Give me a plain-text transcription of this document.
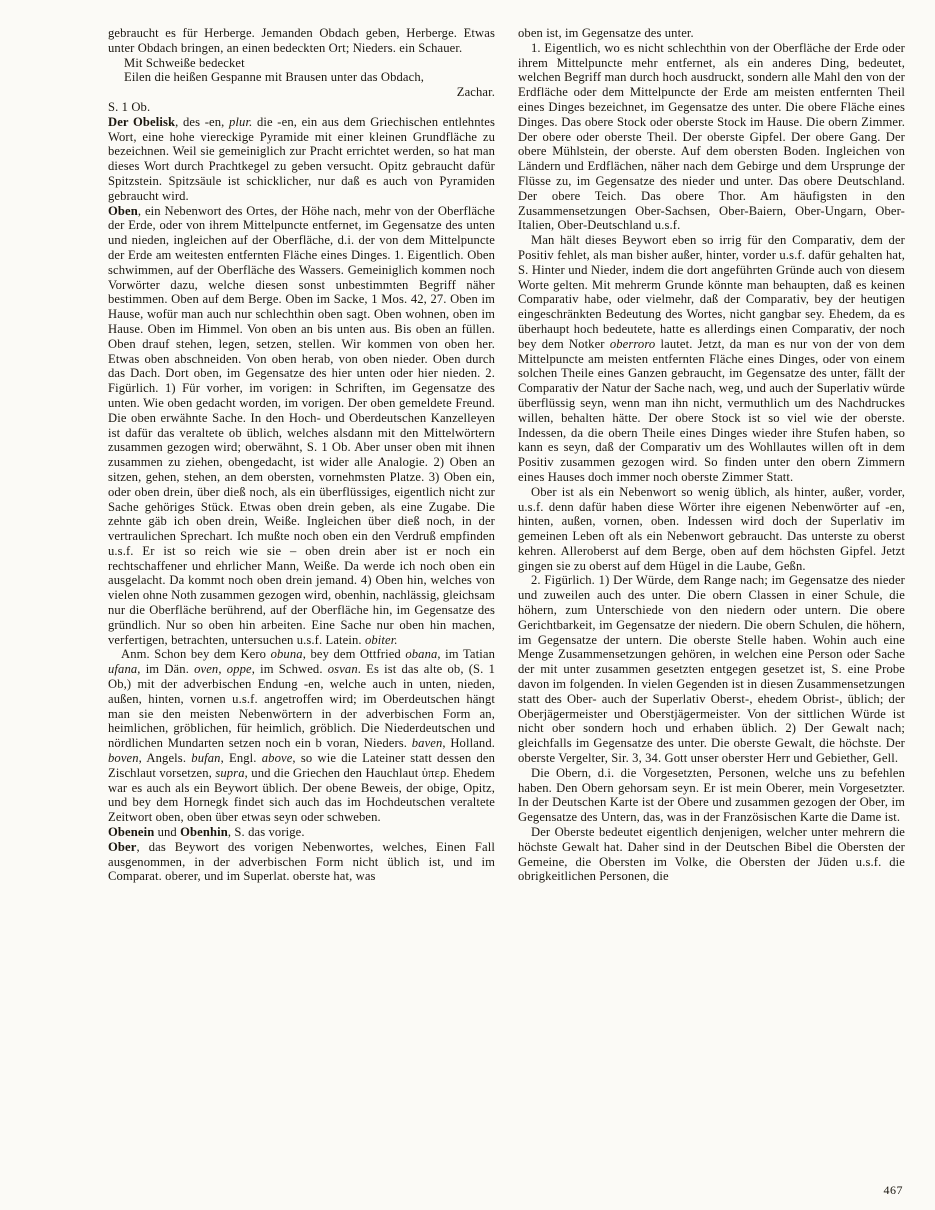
gebraucht es für Herberge. Jemanden Obdach geben, Herberge. Etwas unter Obdach bringen, an einen bedeckten Ort; Nieders. ein Schauer.

Mit Schweiße bedecket

Eilen die heißen Gespanne mit Brausen unter das Obdach,

Zachar.

S. 1 Ob.

Der Obelisk, des -en, plur. die -en, ein aus dem Griechischen entlehntes Wort, eine hohe viereckige Pyramide mit einer kleinen Grundfläche zu bezeichnen. Weil sie gemeiniglich zur Pracht errichtet werden, so hat man dieses Wort durch Prachtkegel zu geben versucht. Opitz gebraucht dafür Spitzstein. Spitzsäule ist schicklicher, nur daß es auch von Pyramiden gebraucht wird.

Oben, ein Nebenwort des Ortes, der Höhe nach, mehr von der Oberfläche der Erde, oder von ihrem Mittelpuncte entfernet, im Gegensatze des unten und nieden, ingleichen auf der Oberfläche, d.i. der von dem Mittelpuncte der Erde am weitesten entfernten Fläche eines Dinges. 1. Eigentlich. Oben schwimmen, auf der Oberfläche des Wassers. Gemeiniglich kommen noch Vorwörter dazu, welche diesen sonst unbestimmten Begriff näher bestimmen. Oben auf dem Berge. Oben im Sacke, 1 Mos. 42, 27. Oben im Hause, wofür man auch nur schlechthin oben sagt. Oben wohnen, oben im Hause. Oben im Himmel. Von oben an bis unten aus. Bis oben an füllen. Oben drauf stehen, legen, setzen, stellen. Wir kommen von oben her. Etwas oben abschneiden. Von oben herab, von oben nieder. Oben durch das Dach. Dort oben, im Gegensatze des hier unten oder hier nieden. 2. Figürlich. 1) Für vorher, im vorigen: in Schriften, im Gegensatze des unten. Wie oben gedacht worden, im vorigen. Der oben gemeldete Freund. Die oben erwähnte Sache. In den Hoch- und Oberdeutschen Kanzelleyen ist dafür das veraltete ob üblich, welches alsdann mit den Mittelwörtern zusammen gezogen wird; oberwähnt, S. 1 Ob. Aber unser oben mit ihnen zusammen zu ziehen, obengedacht, ist wider alle Analogie. 2) Oben an sitzen, gehen, stehen, an dem obersten, vornehmsten Platze. 3) Oben ein, oder oben drein, über dieß noch, als ein überflüssiges, eigentlich nicht zur Sache gehöriges Stück. Etwas oben drein geben, als eine Zugabe. Die zehnte gäb ich oben drein, Weiße. Ingleichen über dieß noch, in der vertraulichen Sprechart. Ich mußte noch oben ein den Verdruß empfinden u.s.f. Er ist so reich wie sie – oben drein aber ist er noch ein rechtschaffener und ehrlicher Mann, Weiße. Da werde ich noch oben ein ausgelacht. Da kommt noch oben drein jemand. 4) Oben hin, welches von vielen ohne Noth zusammen gezogen wird, obenhin, nachlässig, gleichsam nur die Oberfläche berührend, auf der Oberfläche hin, im Gegensatze des gründlich. Nur so oben hin arbeiten. Eine Sache nur oben hin machen, verfertigen, betrachten, untersuchen u.s.f. Latein. obiter.

Anm. Schon bey dem Kero obuna, bey dem Ottfried obana, im Tatian ufana, im Dän. oven, oppe, im Schwed. osvan. Es ist das alte ob, (S. 1 Ob,) mit der adverbischen Endung -en, welche auch in unten, nieden, außen, hinten, vornen u.s.f. angetroffen wird; im Oberdeutschen hängt man sie den meisten Nebenwörtern in der adverbischen Form an, heimlichen, gröblichen, für heimlich, gröblich. Die Niederdeutschen und nördlichen Mundarten setzen noch ein b voran, Nieders. baven, Holland. boven, Angels. bufan, Engl. above, so wie die Lateiner statt dessen den Zischlaut vorsetzen, supra, und die Griechen den Hauchlaut ὑπερ. Ehedem war es auch als ein Beywort üblich. Der obene Beweis, der obige, Opitz, und bey dem Hornegk findet sich auch das im Hochdeutschen veraltete Zeitwort oben, oben über etwas seyn oder schweben.

Obenein und Obenhin, S. das vorige.

Ober, das Beywort des vorigen Nebenwortes, welches, Einen Fall ausgenommen, in der adverbischen Form nicht üblich ist, und im Comparat. oberer, und im Superlat. oberste hat, was

oben ist, im Gegensatze des unter.

1. Eigentlich, wo es nicht schlechthin von der Oberfläche der Erde oder ihrem Mittelpuncte mehr entfernet, als ein anderes Ding, bedeutet, welchen Begriff man durch hoch ausdruckt, sondern alle Mahl den von der Erdfläche oder dem Mittelpuncte der Erde am meisten entfernten Theil eines Dinges bezeichnet, im Gegensatze des unter. Die obere Fläche eines Dinges. Das obere Stock oder oberste Stock im Hause. Die obern Zimmer. Der obere oder oberste Theil. Der oberste Gipfel. Der obere Gang. Der obere Mühlstein, der oberste. Auf dem obersten Boden. Ingleichen von Ländern und Erdflächen, näher nach dem Gebirge und dem Ursprunge der Flüsse zu, im Gegensatze des nieder und unter. Das obere Deutschland. Der obere Teich. Das obere Thor. Am häufigsten in den Zusammensetzungen Ober-Sachsen, Ober-Baiern, Ober-Ungarn, Ober-Italien, Ober-Deutschland u.s.f.

Man hält dieses Beywort eben so irrig für den Comparativ, dem der Positiv fehlet, als man bisher außer, hinter, vorder u.s.f. dafür gehalten hat, S. Hinter und Nieder, indem die dort angeführten Gründe auch von diesem Worte gelten. Mit mehrerm Grunde könnte man behaupten, daß es keinen Comparativ habe, oder vielmehr, daß der Comparativ, bey der heutigen eingeschränkten Bedeutung des Wortes, nicht gangbar sey. Ehedem, da es überhaupt hoch bedeutete, hatte es allerdings einen Comparativ, der noch bey dem Notker oberroro lautet. Jetzt, da man es nur von der von dem Mittelpuncte am meisten entfernten Fläche eines Dinges, oder von einem solchen Theile eines Ganzen gebraucht, im Gegensatze des unter, fällt der Comparativ der Natur der Sache nach, weg, und auch der Superlativ würde überflüssig seyn, wenn man ihn nicht, vermuthlich um des Nachdruckes willen, behalten hätte. Der obere Stock ist so viel wie der oberste. Indessen, da die obern Theile eines Dinges wieder ihre Stufen haben, so kann es seyn, daß der Comparativ um des Wohllautes willen oft in dem Positiv zusammen gezogen wird. So finden unter den obern Zimmern eines Hauses doch immer noch oberste Zimmer Statt.

Ober ist als ein Nebenwort so wenig üblich, als hinter, außer, vorder, u.s.f. denn dafür haben diese Wörter ihre eigenen Nebenwörter auf -en, hinten, außen, vornen, oben. Indessen wird doch der Superlativ im gemeinen Leben oft als ein Nebenwort gebraucht. Das unterste zu oberst kehren. Alleroberst auf dem Berge, oben auf dem höchsten Gipfel. Jetzt gingen sie zu oberst auf dem Hügel in die Laube, Geßn.

2. Figürlich. 1) Der Würde, dem Range nach; im Gegensatze des nieder und zuweilen auch des unter. Die obern Classen in einer Schule, die höhern, zum Unterschiede von den niedern oder untern. Die obere Gerichtbarkeit, im Gegensatze der niedern. Die obern Schulen, die höhern, im Gegensatze der untern. Die oberste Stelle haben. Wohin auch eine Menge Zusammensetzungen gehören, in welchen eine Person oder Sache der mit unter zusammen gesetzten entgegen gesetzet ist, S. eine Probe davon im folgenden. In vielen Gegenden ist in diesen Zusammensetzungen statt des Ober- auch der Superlativ Oberst-, ehedem Obrist-, üblich; der Oberjägermeister und Oberstjägermeister. Von der sittlichen Würde ist nicht ober sondern hoch und erhaben üblich. 2) Der Gewalt nach; gleichfalls im Gegensatze des unter. Die oberste Gewalt, die höchste. Der oberste Vergelter, Sir. 3, 34. Gott unser oberster Herr und Gebiether, Gell.

Die Obern, d.i. die Vorgesetzten, Personen, welche uns zu befehlen haben. Den Obern gehorsam seyn. Er ist mein Oberer, mein Vorgesetzter. In der Deutschen Karte ist der Obere und zusammen gezogen der Ober, im Gegensatze des Untern, das, was in der Französischen Karte die Dame ist.

Der Oberste bedeutet eigentlich denjenigen, welcher unter mehrern die höchste Gewalt hat. Daher sind in der Deutschen Bibel die Obersten der Gemeine, die Obersten im Volke, die Obersten der Jüden u.s.f. die obrigkeitlichen Personen, die

467
